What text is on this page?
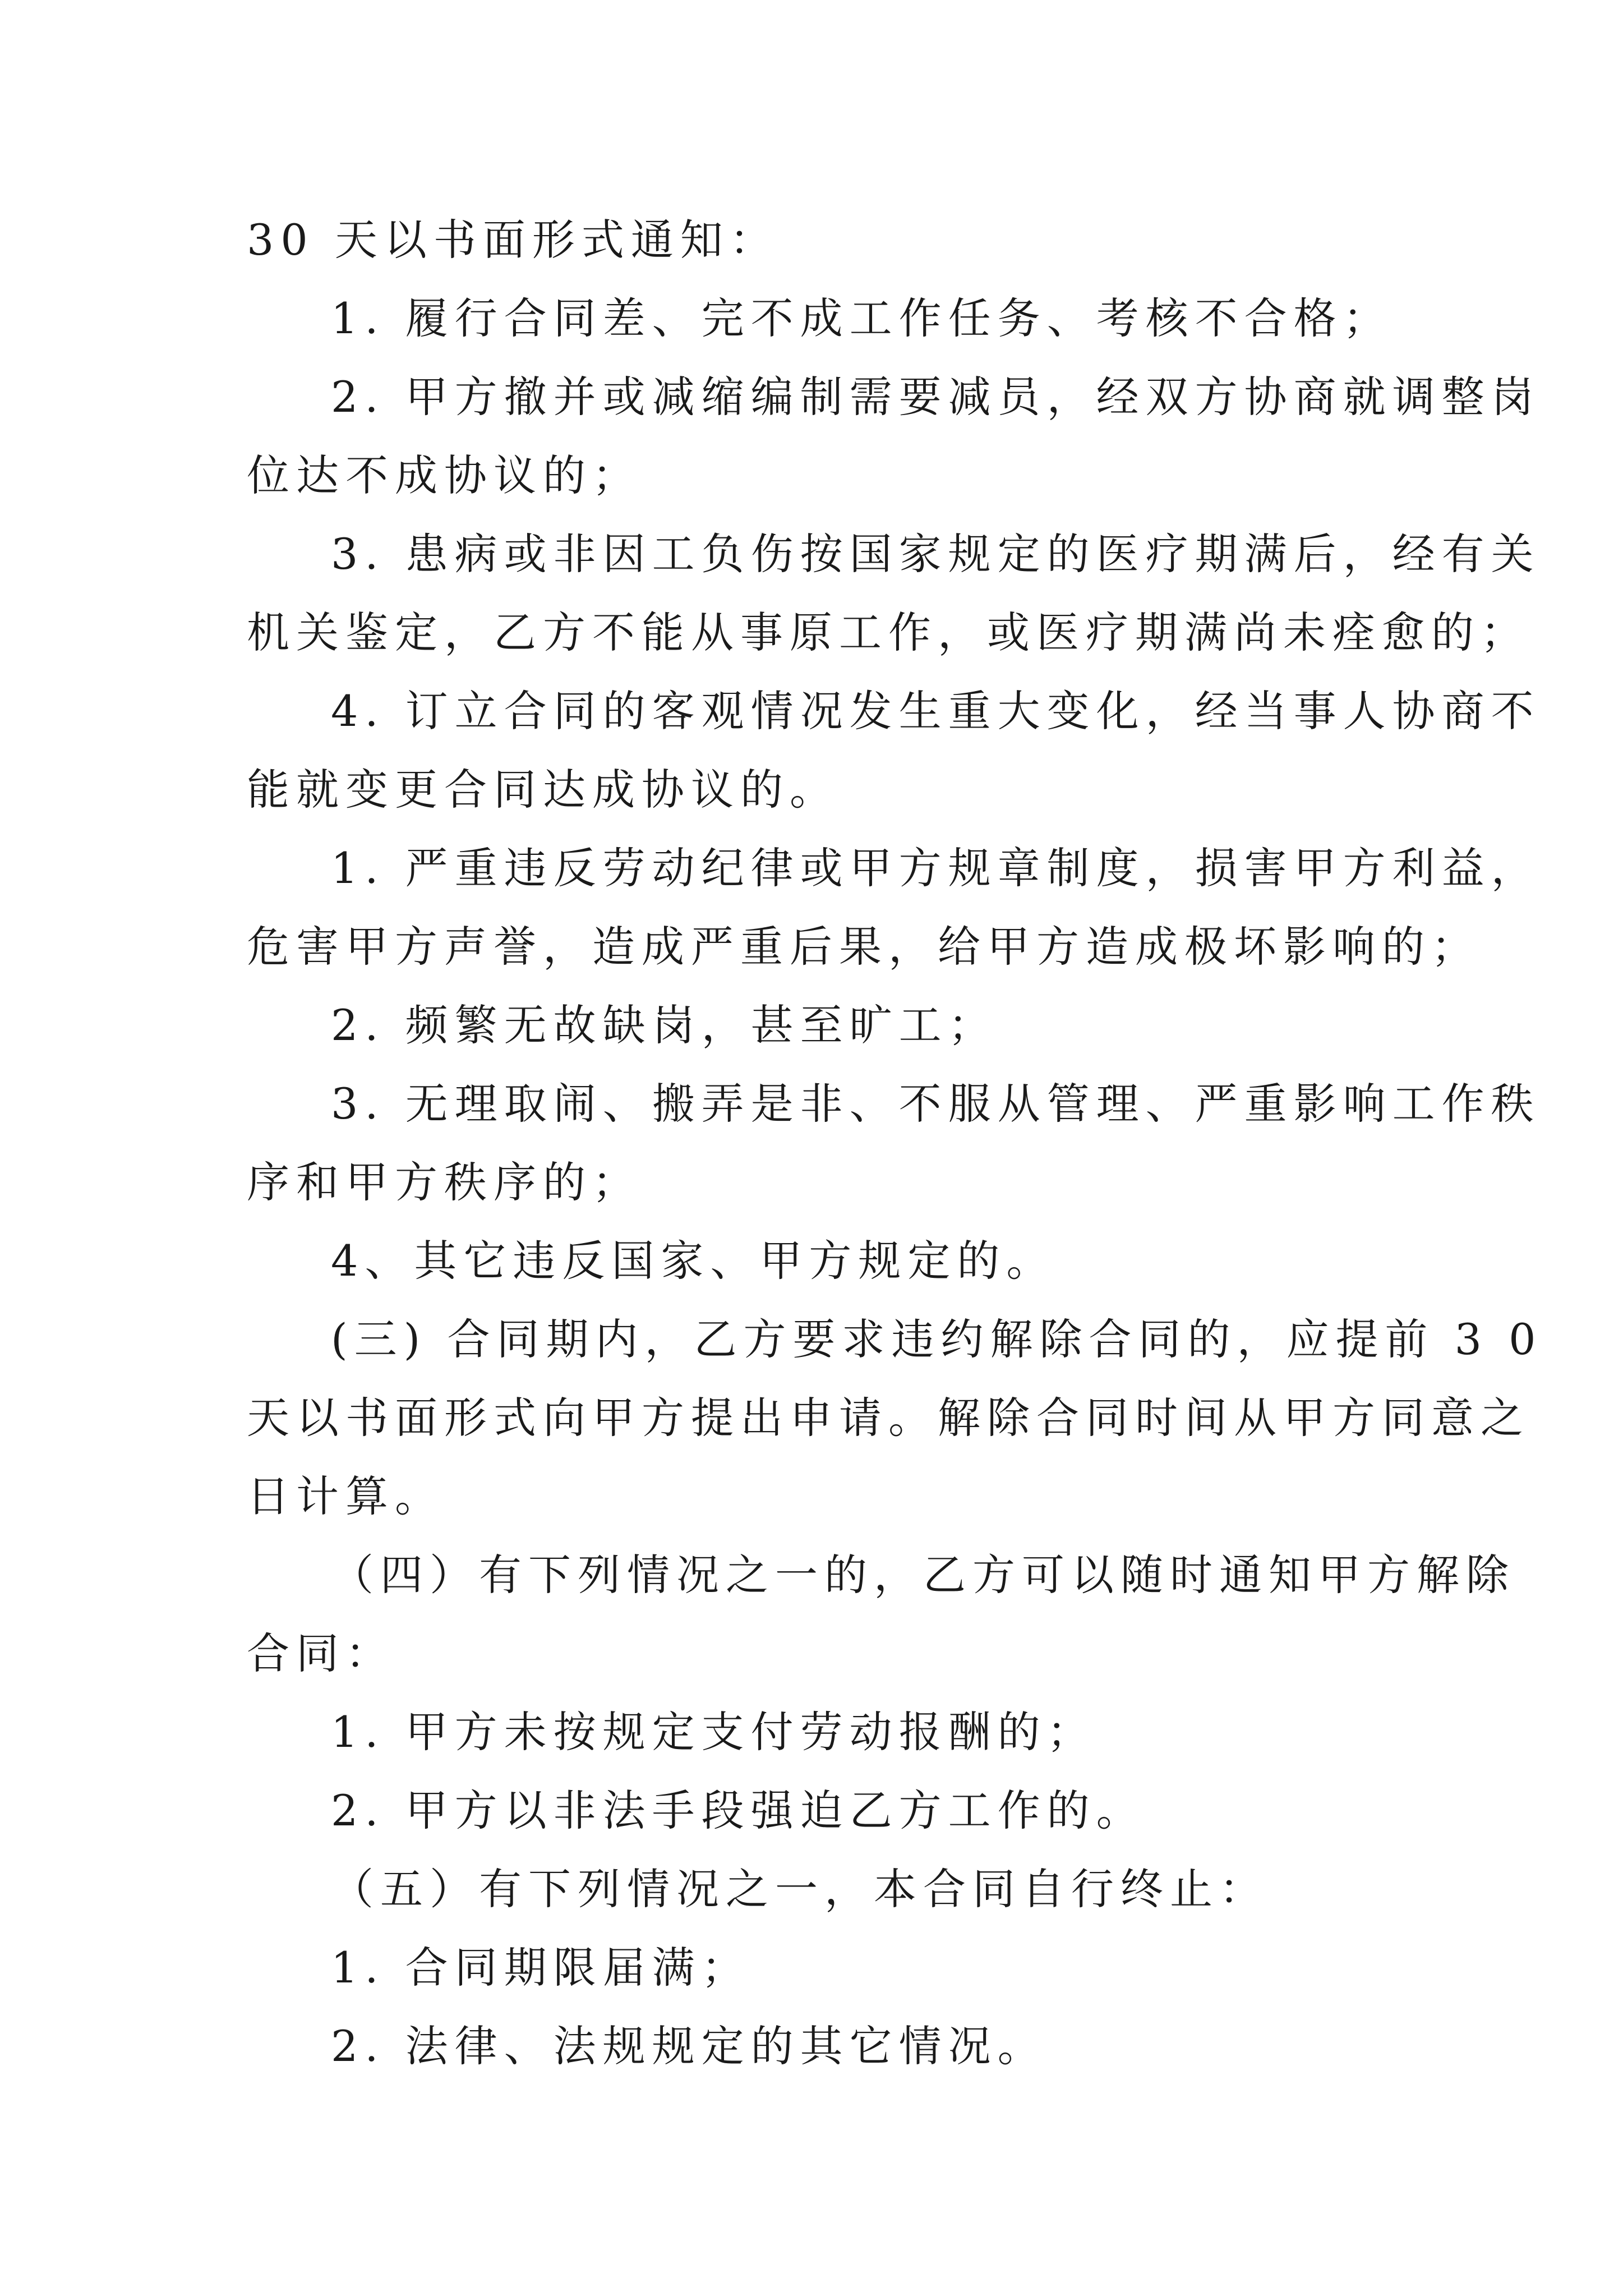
30 天以书面形式通知：
1. 履行合同差、完不成工作任务、考核不合格；
2. 甲方撤并或减缩编制需要减员，经双方协商就调整岗
位达不成协议的；
3. 患病或非因工负伤按国家规定的医疗期满后，经有关
机关鉴定，乙方不能从事原工作，或医疗期满尚未痊愈的；
4. 订立合同的客观情况发生重大变化，经当事人协商不
能就变更合同达成协议的。
1. 严重违反劳动纪律或甲方规章制度，损害甲方利益，
危害甲方声誉，造成严重后果，给甲方造成极坏影响的；
2. 频繁无故缺岗，甚至旷工；
3. 无理取闹、搬弄是非、不服从管理、严重影响工作秩
序和甲方秩序的；
4、其它违反国家、甲方规定的。
(三) 合同期内，乙方要求违约解除合同的，应提前 3 0
天以书面形式向甲方提出申请。解除合同时间从甲方同意之
日计算。
（四）有下列情况之一的，乙方可以随时通知甲方解除
合同：
1. 甲方未按规定支付劳动报酬的；
2. 甲方以非法手段强迫乙方工作的。
（五）有下列情况之一，本合同自行终止：
1. 合同期限届满；
2. 法律、法规规定的其它情况。
